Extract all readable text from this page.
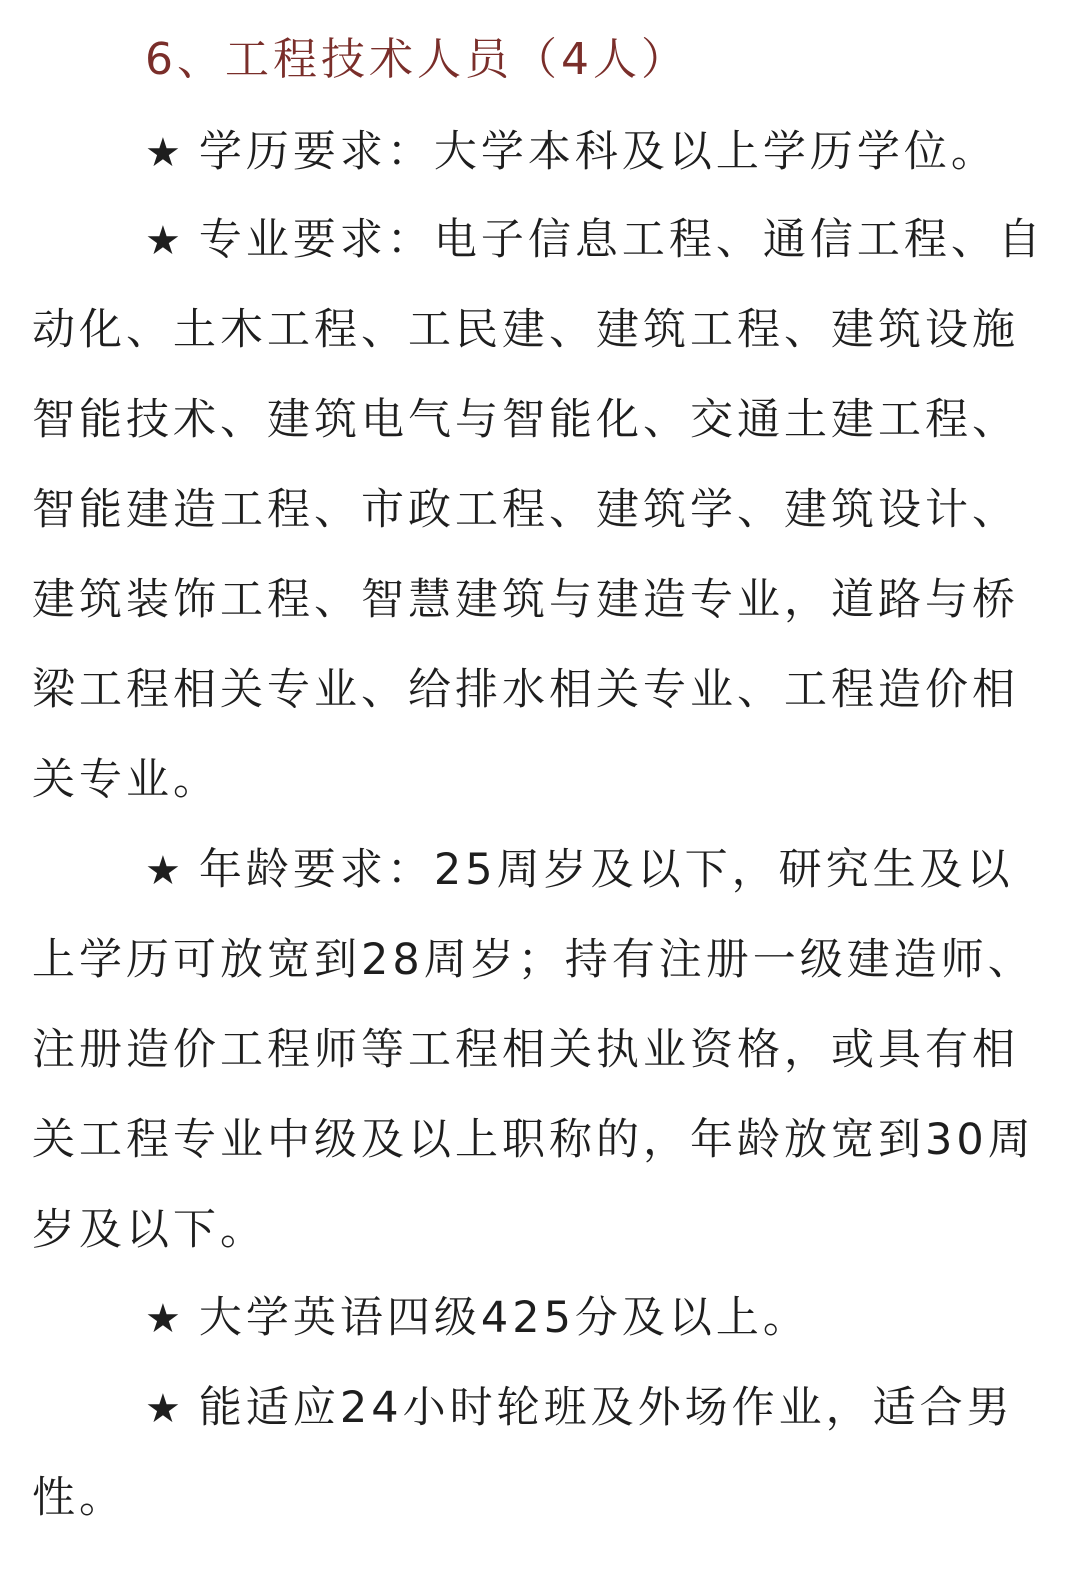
6、工程技术人员（4人）
★ 学历要求：大学本科及以上学历学位。
★ 专业要求：电子信息工程、通信工程、自
动化、土木工程、工民建、建筑工程、建筑设施
智能技术、建筑电气与智能化、交通土建工程、
智能建造工程、市政工程、建筑学、建筑设计、
建筑装饰工程、智慧建筑与建造专业，道路与桥
梁工程相关专业、给排水相关专业、工程造价相
关专业。
★ 年龄要求：25周岁及以下，研究生及以
上学历可放宽到28周岁；持有注册一级建造师、
注册造价工程师等工程相关执业资格，或具有相
关工程专业中级及以上职称的，年龄放宽到30周
岁及以下。
★ 大学英语四级425分及以上。
★ 能适应24小时轮班及外场作业，适合男
性。
